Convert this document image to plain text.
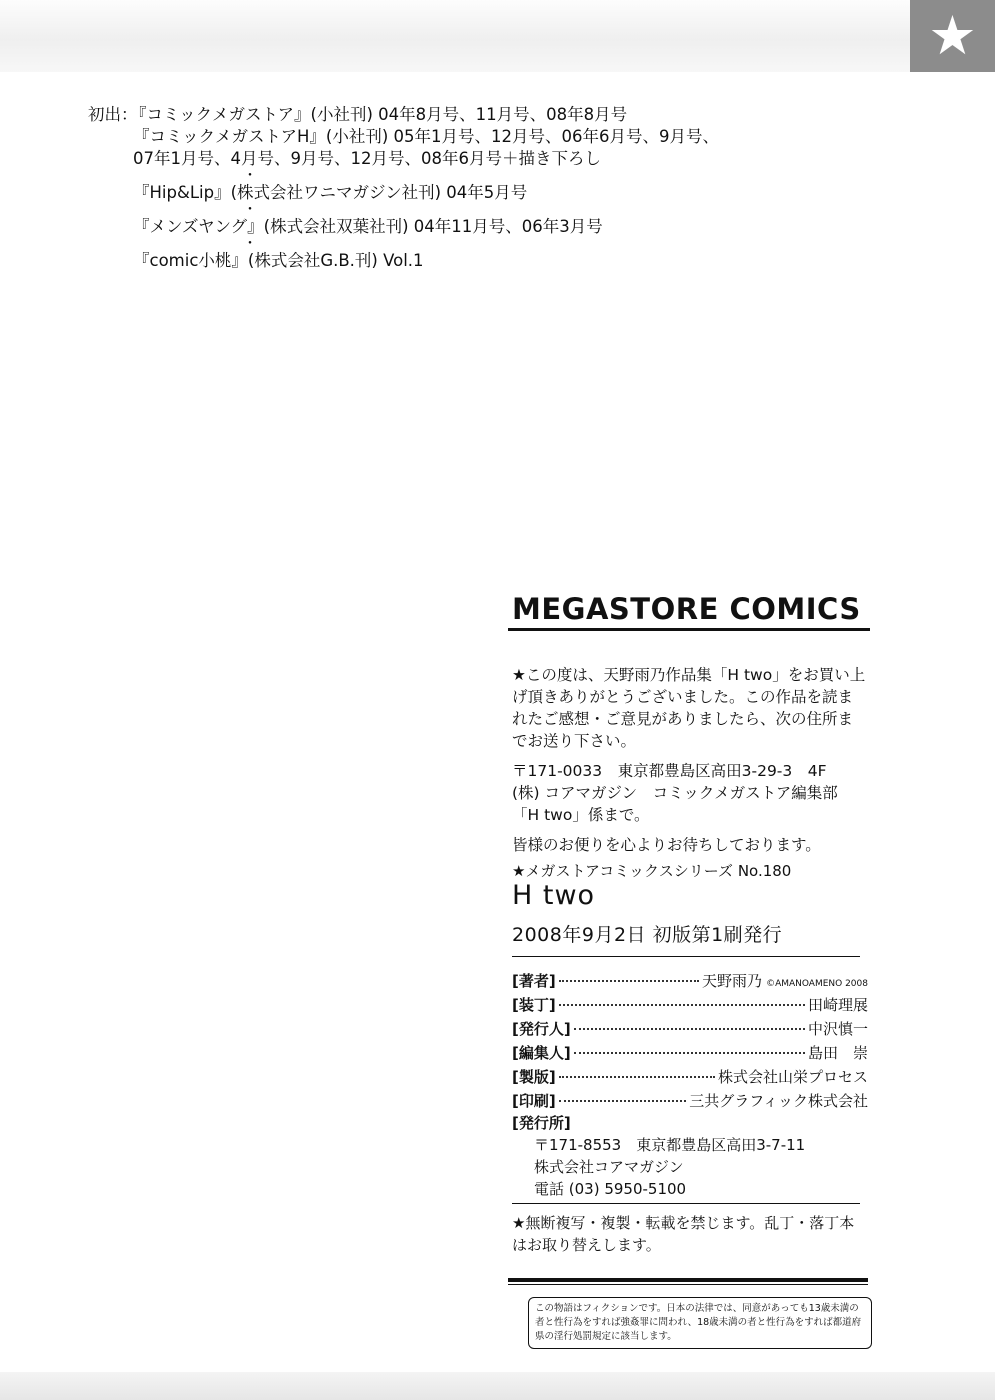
★
初出：『コミックメガストア』(小社刊) 04年8月号、11月号、08年8月号
『コミックメガストアH』(小社刊) 05年1月号、12月号、06年6月号、9月号、
07年1月号、4月号、9月号、12月号、08年6月号＋描き下ろし
・
『Hip&Lip』(株式会社ワニマガジン社刊) 04年5月号
・
『メンズヤング』(株式会社双葉社刊) 04年11月号、06年3月号
・
『comic小桃』(株式会社G.B.刊) Vol.1
MEGASTORE COMICS

★この度は、天野雨乃作品集「H two」をお買い上げ頂きありがとうございました。この作品を読まれたご感想・ご意見がありましたら、次の住所までお送り下さい。

〒171-0033　東京都豊島区高田3-29-3　4F

(株) コアマガジン　コミックメガストア編集部

「H two」係まで。

皆様のお便りを心よりお待ちしております。

★メガストアコミックスシリーズ No.180
H two
2008年9月2日 初版第1刷発行
[著者]	天野雨乃 ©AMANOAMENO 2008
[装丁]	田崎理展
[発行人]	中沢慎一
[編集人]	島田　崇
[製版]	株式会社山栄プロセス
[印刷]	三共グラフィック株式会社
[発行所]
〒171-8553　東京都豊島区高田3-7-11
株式会社コアマガジン
電話 (03) 5950-5100
★無断複写・複製・転載を禁じます。乱丁・落丁本はお取り替えします。
この物語はフィクションです。日本の法律では、同意があっても13歳未満の者と性行為をすれば強姦罪に問われ、18歳未満の者と性行為をすれば都道府県の淫行処罰規定に該当します。
